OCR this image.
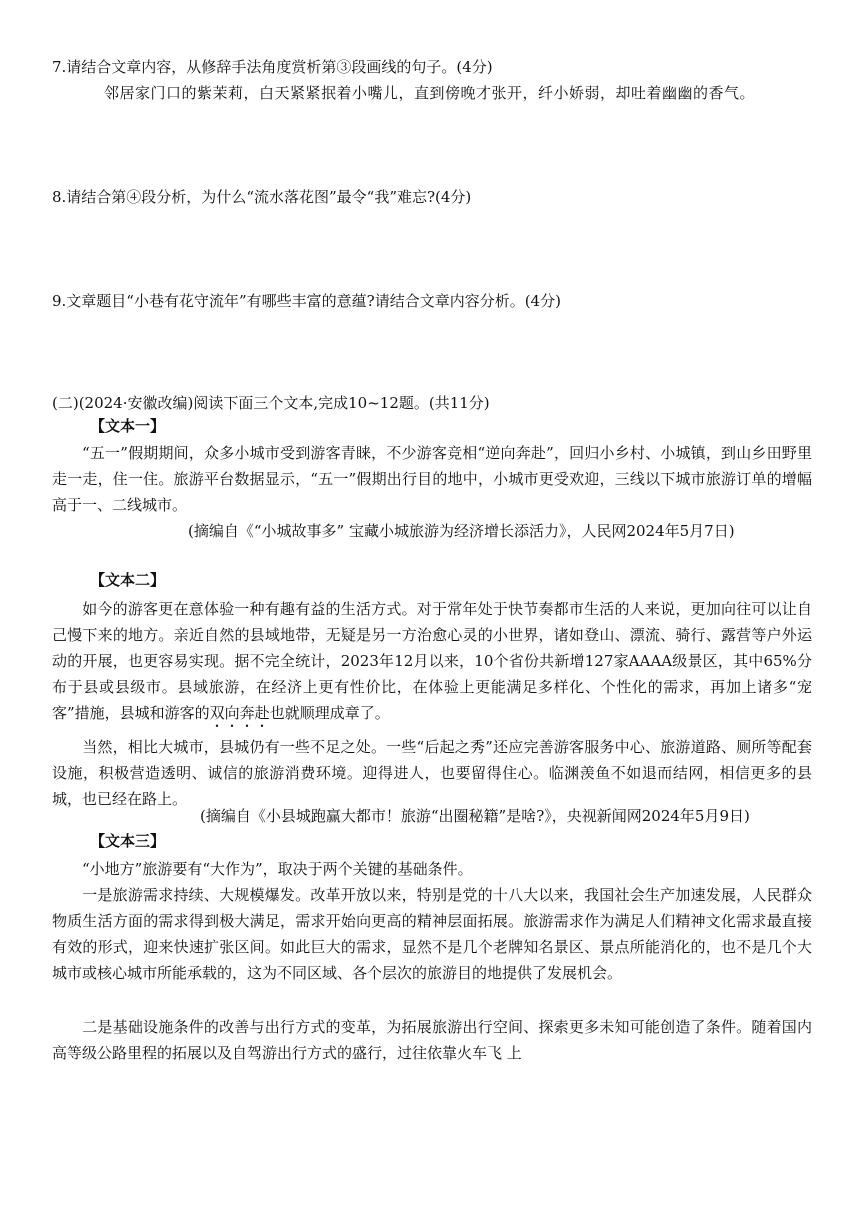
7.请结合文章内容，从修辞手法角度赏析第③段画线的句子。(4分)
邻居家门口的紫茉莉，白天紧紧抿着小嘴儿，直到傍晚才张开，纤小娇弱，却吐着幽幽的香气。
8.请结合第④段分析，为什么“流水落花图”最令“我”难忘?(4分)
9.文章题目“小巷有花守流年”有哪些丰富的意蕴?请结合文章内容分析。(4分)
(二)(2024·安徽改编)阅读下面三个文本,完成10~12题。(共11分)
【文本一】
“五一”假期期间，众多小城市受到游客青睐，不少游客竞相“逆向奔赴”，回归小乡村、小城镇，到山乡田野里走一走，住一住。旅游平台数据显示，“五一”假期出行目的地中，小城市更受欢迎，三线以下城市旅游订单的增幅高于一、二线城市。
(摘编自《“小城故事多” 宝藏小城旅游为经济增长添活力》，人民网2024年5月7日)
【文本二】
如今的游客更在意体验一种有趣有益的生活方式。对于常年处于快节奏都市生活的人来说，更加向往可以让自己慢下来的地方。亲近自然的县域地带，无疑是另一方治愈心灵的小世界，诸如登山、漂流、骑行、露营等户外运动的开展，也更容易实现。据不完全统计，2023年12月以来，10个省份共新增127家AAAA级景区，其中65%分布于县或县级市。县域旅游，在经济上更有性价比，在体验上更能满足多样化、个性化的需求，再加上诸多“宠客”措施，县城和游客的双向奔赴也就顺理成章了。
当然，相比大城市，县城仍有一些不足之处。一些“后起之秀”还应完善游客服务中心、旅游道路、厕所等配套设施，积极营造透明、诚信的旅游消费环境。迎得进人，也要留得住心。临渊羡鱼不如退而结网，相信更多的县城，也已经在路上。
(摘编自《小县城跑赢大都市！旅游“出圈秘籍”是啥?》，央视新闻网2024年5月9日)
【文本三】
“小地方”旅游要有“大作为”，取决于两个关键的基础条件。
一是旅游需求持续、大规模爆发。改革开放以来，特别是党的十八大以来，我国社会生产加速发展，人民群众物质生活方面的需求得到极大满足，需求开始向更高的精神层面拓展。旅游需求作为满足人们精神文化需求最直接有效的形式，迎来快速扩张区间。如此巨大的需求，显然不是几个老牌知名景区、景点所能消化的，也不是几个大城市或核心城市所能承载的，这为不同区域、各个层次的旅游目的地提供了发展机会。
二是基础设施条件的改善与出行方式的变革，为拓展旅游出行空间、探索更多未知可能创造了条件。随着国内高等级公路里程的拓展以及自驾游出行方式的盛行，过往依靠火车飞 上
